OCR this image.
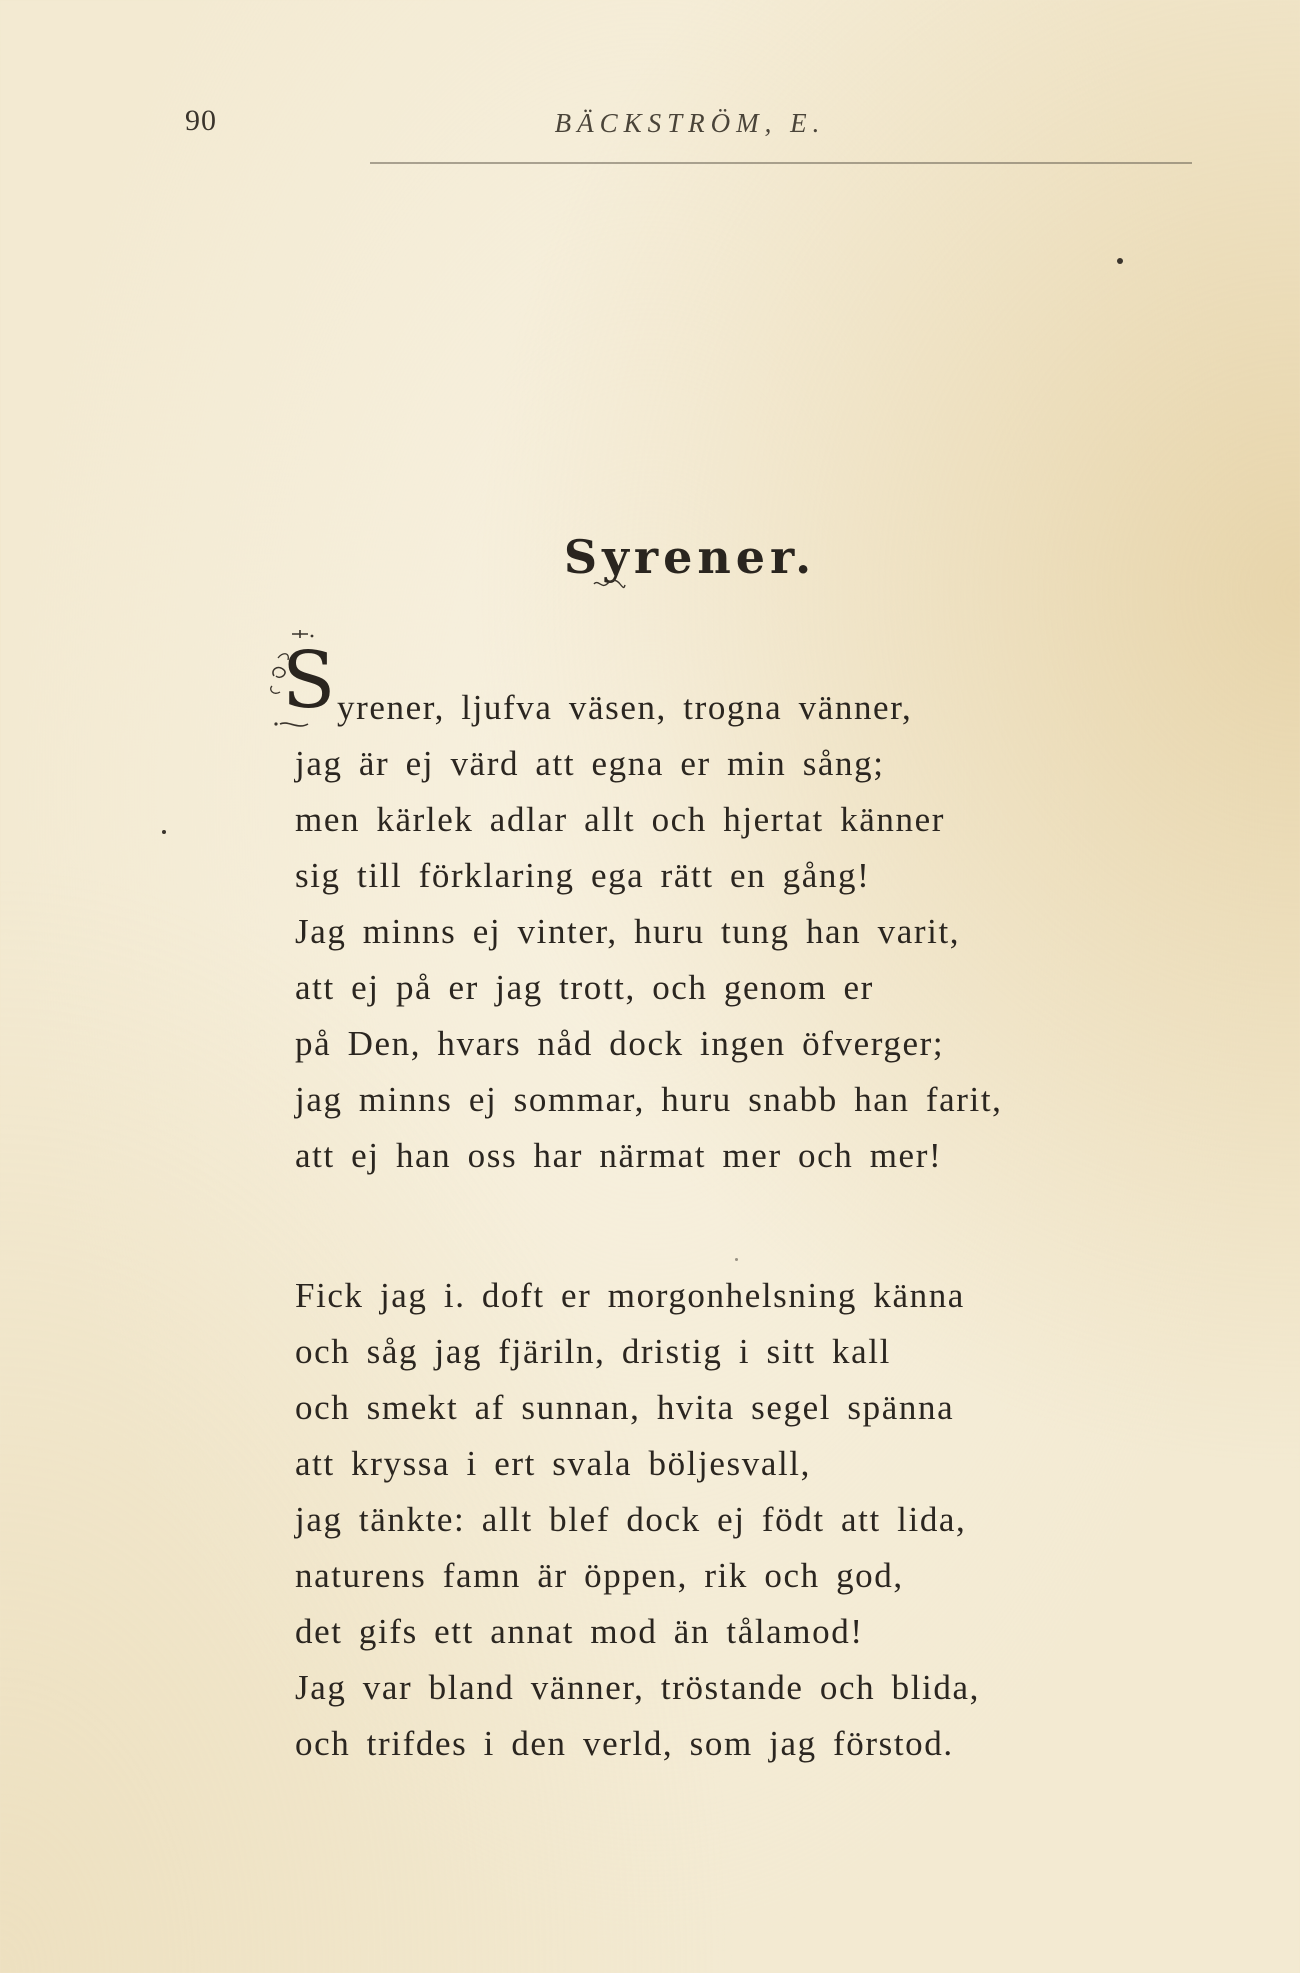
90	BÄCKSTRÖM, E.
Syrener.
S yrener, ljufva väsen, trogna vänner,
jag är ej värd att egna er min sång;
men kärlek adlar allt och hjertat känner
sig till förklaring ega rätt en gång!
Jag minns ej vinter, huru tung han varit,
att ej på er jag trott, och genom er
på Den, hvars nåd dock ingen öfverger;
jag minns ej sommar, huru snabb han farit,
att ej han oss har närmat mer och mer!
Fick jag i. doft er morgonhelsning känna
och såg jag fjäriln, dristig i sitt kall
och smekt af sunnan, hvita segel spänna
att kryssa i ert svala böljesvall,
jag tänkte: allt blef dock ej födt att lida,
naturens famn är öppen, rik och god,
det gifs ett annat mod än tålamod!
Jag var bland vänner, tröstande och blida,
och trifdes i den verld, som jag förstod.
